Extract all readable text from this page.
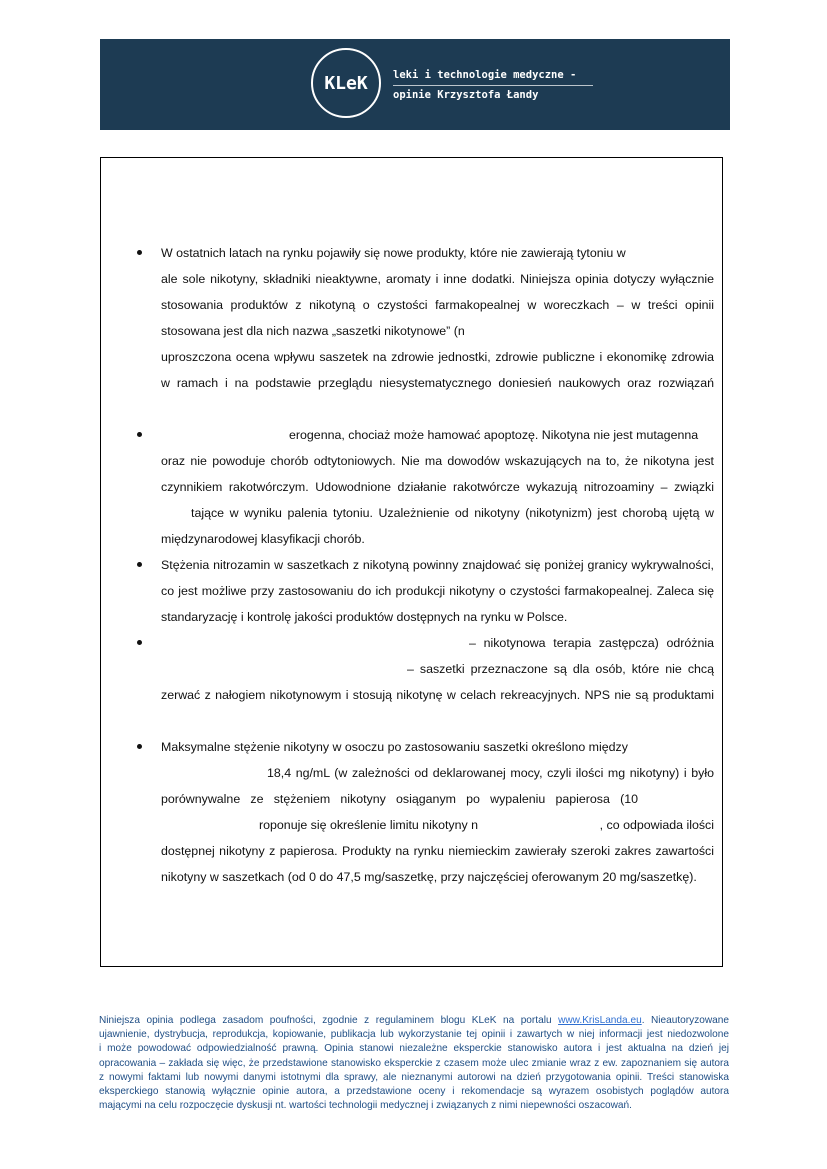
KLeK leki i technologie medyczne -
opinie Krzysztofa Łandy
W ostatnich latach na rynku pojawiły się nowe produkty, które nie zawierają tytoniu w
ale sole nikotyny, składniki nieaktywne, aromaty i inne dodatki. Niniejsza opinia dotyczy wyłącznie
stosowania produktów z nikotyną o czystości farmakopealnej w woreczkach – w treści opinii
stosowana jest dla nich nazwa „saszetki nikotynowe” (n
uproszczona ocena wpływu saszetek na zdrowie jednostki, zdrowie publiczne i ekonomikę zdrowia
w ramach i na podstawie przeglądu niesystematycznego doniesień naukowych oraz rozwiązań
erogenna, chociaż może hamować apoptozę. Nikotyna nie jest mutagenna
oraz nie powoduje chorób odtytoniowych. Nie ma dowodów wskazujących na to, że nikotyna jest
czynnikiem rakotwórczym. Udowodnione działanie rakotwórcze wykazują nitrozoaminy – związki
tające w wyniku palenia tytoniu. Uzależnienie od nikotyny (nikotynizm) jest chorobą ujętą w
międzynarodowej klasyfikacji chorób.
Stężenia nitrozamin w saszetkach z nikotyną powinny znajdować się poniżej granicy wykrywalności,
co jest możliwe przy zastosowaniu do ich produkcji nikotyny o czystości farmakopealnej. Zaleca się
standaryzację i kontrolę jakości produktów dostępnych na rynku w Polsce.
– nikotynowa terapia zastępcza) odróżnia
– saszetki przeznaczone są dla osób, które nie chcą
zerwać z nałogiem nikotynowym i stosują nikotynę w celach rekreacyjnych. NPS nie są produktami
Maksymalne stężenie nikotyny w osoczu po zastosowaniu saszetki określono między
18,4 ng/mL (w zależności od deklarowanej mocy, czyli ilości mg nikotyny) i było
porównywalne ze stężeniem nikotyny osiąganym po wypaleniu papierosa (10
roponuje się określenie limitu nikotyny n	, co odpowiada ilości
dostępnej nikotyny z papierosa. Produkty na rynku niemieckim zawierały szeroki zakres zawartości
nikotyny w saszetkach (od 0 do 47,5 mg/saszetkę, przy najczęściej oferowanym 20 mg/saszetkę).
Niniejsza opinia podlega zasadom poufności, zgodnie z regulaminem blogu KLeK na portalu www.KrisLanda.eu. Nieautoryzowane
ujawnienie, dystrybucja, reprodukcja, kopiowanie, publikacja lub wykorzystanie tej opinii i zawartych w niej informacji jest niedozwolone
i może powodować odpowiedzialność prawną. Opinia stanowi niezależne eksperckie stanowisko autora i jest aktualna na dzień jej
opracowania – zakłada się więc, że przedstawione stanowisko eksperckie z czasem może ulec zmianie wraz z ew. zapoznaniem się autora
z nowymi faktami lub nowymi danymi istotnymi dla sprawy, ale nieznanymi autorowi na dzień przygotowania opinii. Treści stanowiska
eksperckiego stanowią wyłącznie opinie autora, a przedstawione oceny i rekomendacje są wyrazem osobistych poglądów autora
mającymi na celu rozpoczęcie dyskusji nt. wartości technologii medycznej i związanych z nimi niepewności oszacowań.
